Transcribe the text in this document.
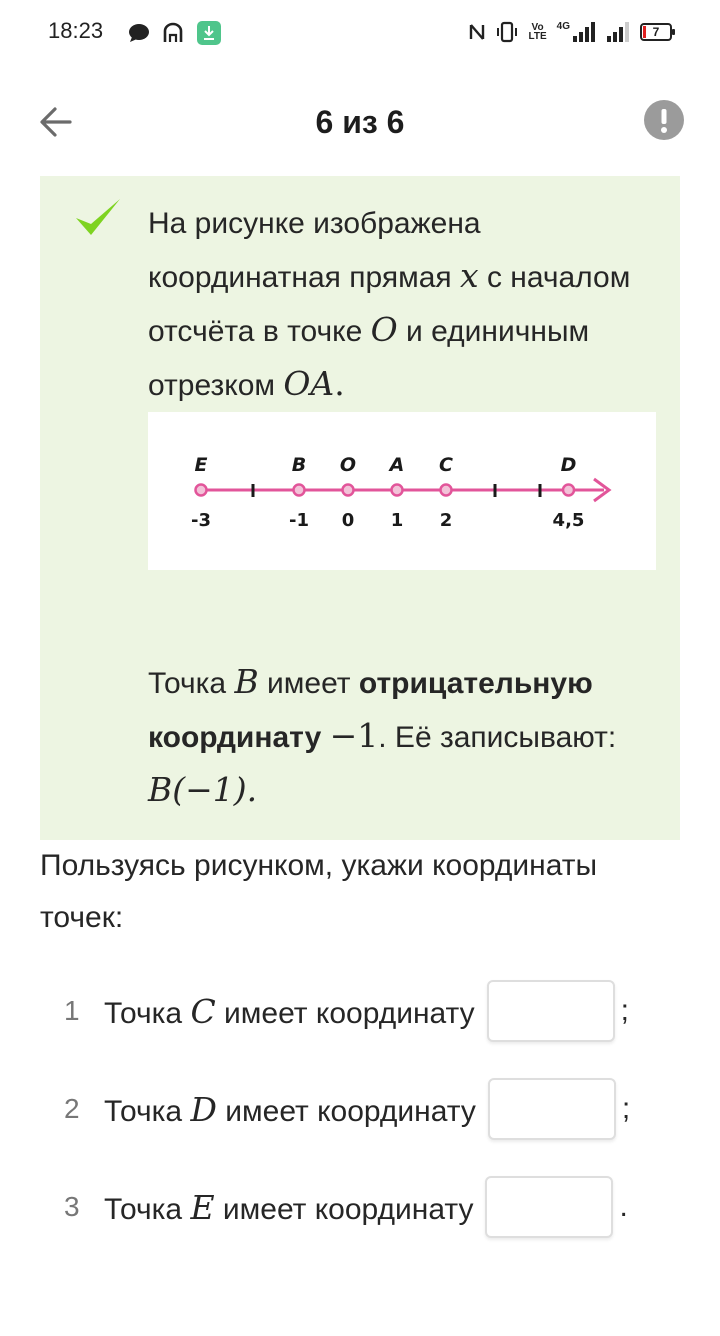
18:23	Vo
LTE
4G	7
6 из 6
На рисунке изображена координатная прямая x с началом отсчёта в точке O и единичным отрезком OA.
E
-3
B
-1
O
0
A
1
C
2
D
4,5
Точка B имеет отрицательную координату −1. Её записывают: B(−1).
Пользуясь рисунком, укажи координаты точек:
1 Точка C имеет координату	;
2 Точка D имеет координату	;
3 Точка E имеет координату	.
